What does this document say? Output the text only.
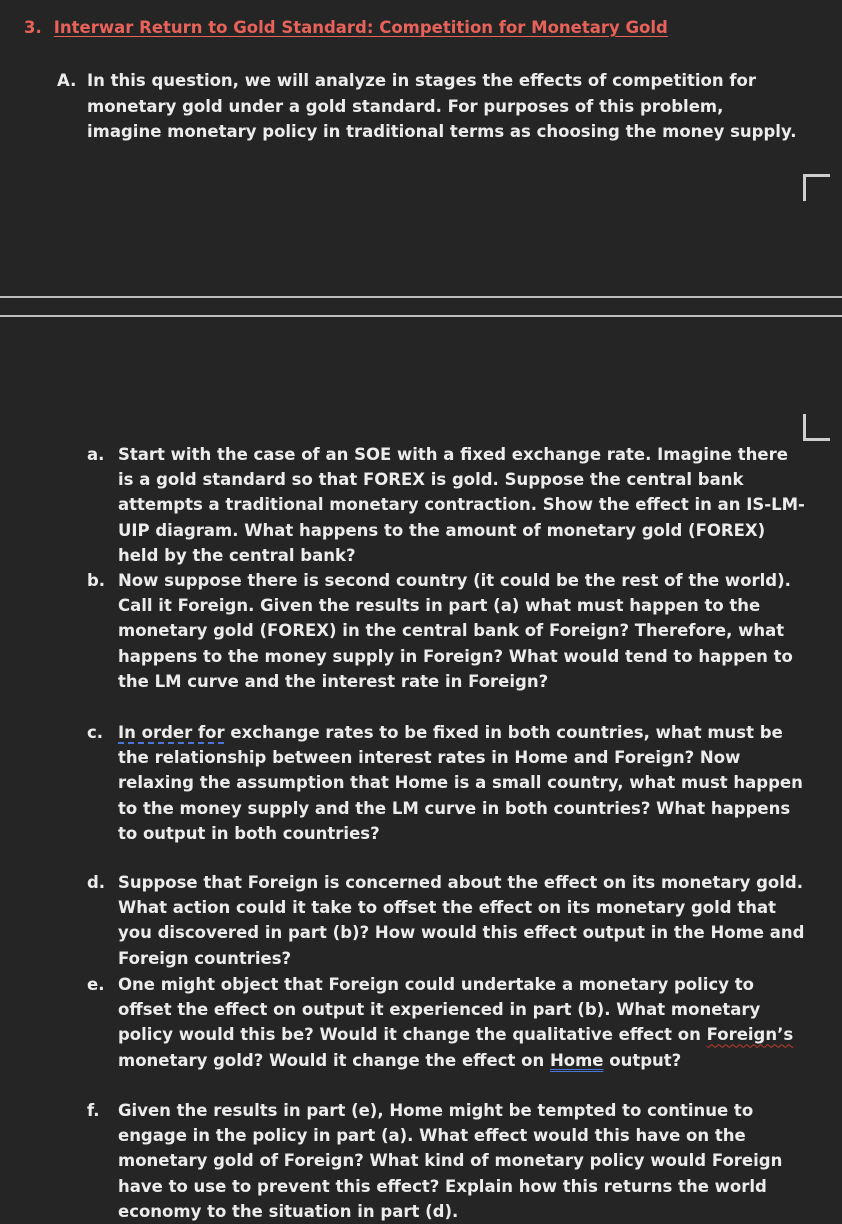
3. Interwar Return to Gold Standard: Competition for Monetary Gold
A. In this question, we will analyze in stages the effects of competition for monetary gold under a gold standard. For purposes of this problem, imagine monetary policy in traditional terms as choosing the money supply.
a. Start with the case of an SOE with a fixed exchange rate. Imagine there is a gold standard so that FOREX is gold. Suppose the central bank attempts a traditional monetary contraction. Show the effect in an IS-LM-UIP diagram. What happens to the amount of monetary gold (FOREX) held by the central bank?
b. Now suppose there is second country (it could be the rest of the world). Call it Foreign. Given the results in part (a) what must happen to the monetary gold (FOREX) in the central bank of Foreign? Therefore, what happens to the money supply in Foreign? What would tend to happen to the LM curve and the interest rate in Foreign?
c. In order for exchange rates to be fixed in both countries, what must be the relationship between interest rates in Home and Foreign? Now relaxing the assumption that Home is a small country, what must happen to the money supply and the LM curve in both countries? What happens to output in both countries?
d. Suppose that Foreign is concerned about the effect on its monetary gold. What action could it take to offset the effect on its monetary gold that you discovered in part (b)? How would this effect output in the Home and Foreign countries?
e. One might object that Foreign could undertake a monetary policy to offset the effect on output it experienced in part (b). What monetary policy would this be? Would it change the qualitative effect on Foreign’s monetary gold? Would it change the effect on Home output?
f. Given the results in part (e), Home might be tempted to continue to engage in the policy in part (a). What effect would this have on the monetary gold of Foreign? What kind of monetary policy would Foreign have to use to prevent this effect? Explain how this returns the world economy to the situation in part (d).
